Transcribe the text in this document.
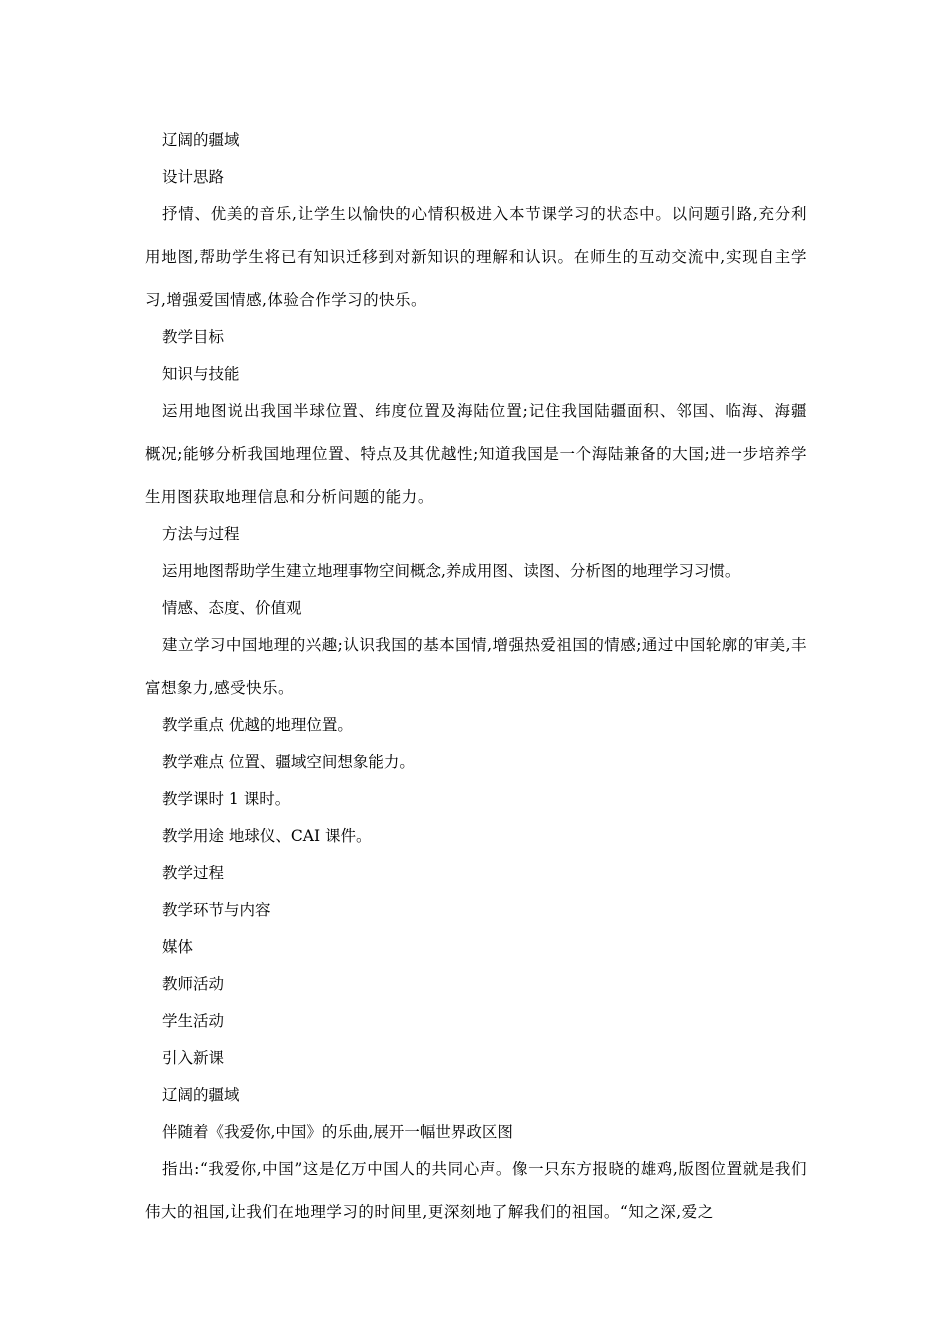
辽阔的疆域
设计思路
抒情、优美的音乐,让学生以愉快的心情积极进入本节课学习的状态中。以问题引路,充分利用地图,帮助学生将已有知识迁移到对新知识的理解和认识。在师生的互动交流中,实现自主学习,增强爱国情感,体验合作学习的快乐。
教学目标
知识与技能
运用地图说出我国半球位置、纬度位置及海陆位置;记住我国陆疆面积、邻国、临海、海疆概况;能够分析我国地理位置、特点及其优越性;知道我国是一个海陆兼备的大国;进一步培养学生用图获取地理信息和分析问题的能力。
方法与过程
运用地图帮助学生建立地理事物空间概念,养成用图、读图、分析图的地理学习习惯。
情感、态度、价值观
建立学习中国地理的兴趣;认识我国的基本国情,增强热爱祖国的情感;通过中国轮廓的审美,丰富想象力,感受快乐。
教学重点 优越的地理位置。
教学难点 位置、疆域空间想象能力。
教学课时 1 课时。
教学用途 地球仪、CAI 课件。
教学过程
教学环节与内容
媒体
教师活动
学生活动
引入新课
辽阔的疆域
伴随着《我爱你,中国》的乐曲,展开一幅世界政区图
指出:“我爱你,中国”这是亿万中国人的共同心声。像一只东方报晓的雄鸡,版图位置就是我们伟大的祖国,让我们在地理学习的时间里,更深刻地了解我们的祖国。“知之深,爱之
